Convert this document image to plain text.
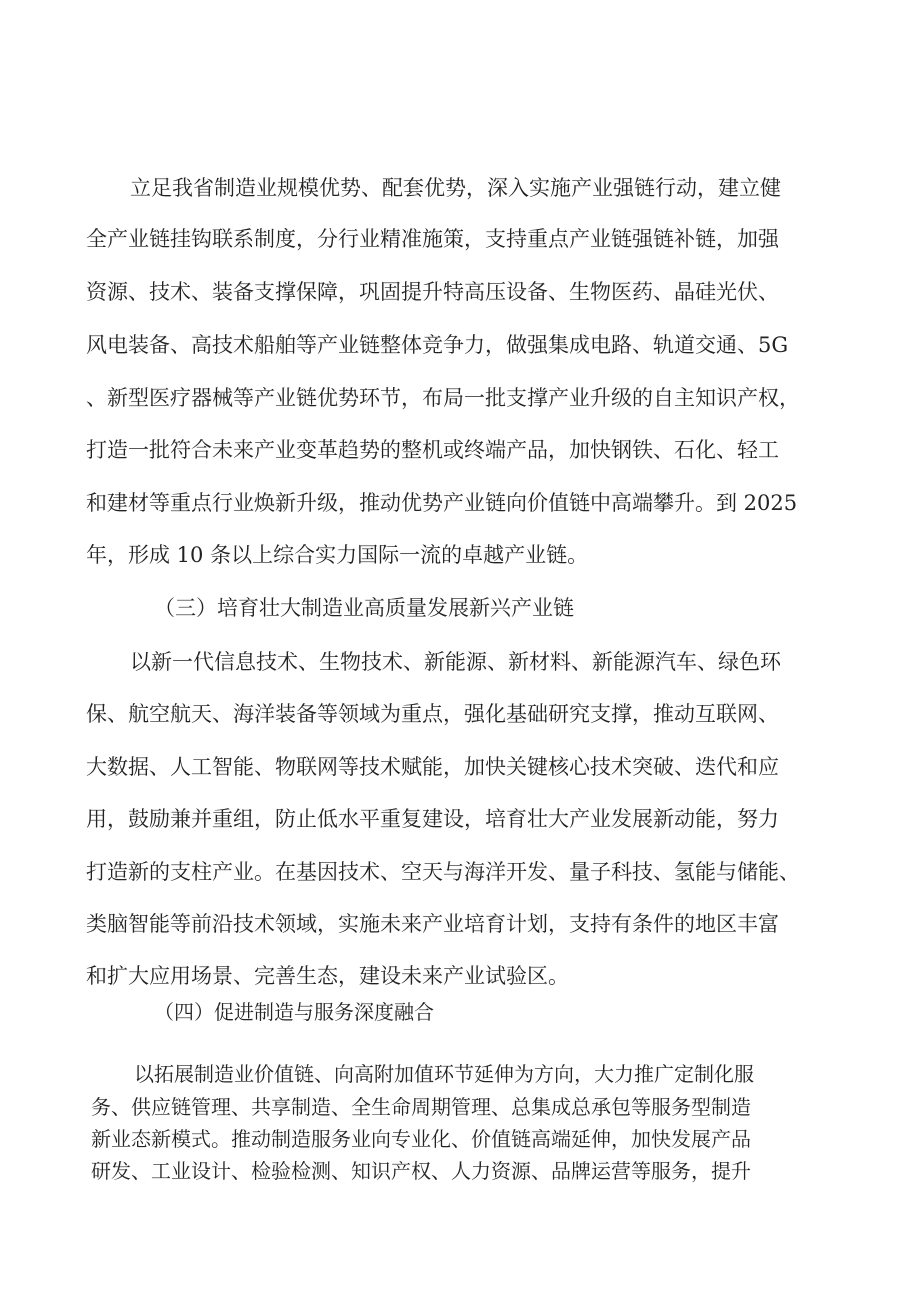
立足我省制造业规模优势、配套优势，深入实施产业强链行动，建立健
全产业链挂钩联系制度，分行业精准施策，支持重点产业链强链补链，加强
资源、技术、装备支撑保障，巩固提升特高压设备、生物医药、晶硅光伏、
风电装备、高技术船舶等产业链整体竞争力，做强集成电路、轨道交通、5G
、新型医疗器械等产业链优势环节，布局一批支撑产业升级的自主知识产权，
打造一批符合未来产业变革趋势的整机或终端产品，加快钢铁、石化、轻工
和建材等重点行业焕新升级，推动优势产业链向价值链中高端攀升。到 2025
年，形成 10 条以上综合实力国际一流的卓越产业链。
（三）培育壮大制造业高质量发展新兴产业链
以新一代信息技术、生物技术、新能源、新材料、新能源汽车、绿色环
保、航空航天、海洋装备等领域为重点，强化基础研究支撑，推动互联网、
大数据、人工智能、物联网等技术赋能，加快关键核心技术突破、迭代和应
用，鼓励兼并重组，防止低水平重复建设，培育壮大产业发展新动能，努力
打造新的支柱产业。在基因技术、空天与海洋开发、量子科技、氢能与储能、
类脑智能等前沿技术领域，实施未来产业培育计划，支持有条件的地区丰富
和扩大应用场景、完善生态，建设未来产业试验区。
（四）促进制造与服务深度融合
以拓展制造业价值链、向高附加值环节延伸为方向，大力推广定制化服
务、供应链管理、共享制造、全生命周期管理、总集成总承包等服务型制造
新业态新模式。推动制造服务业向专业化、价值链高端延伸，加快发展产品
研发、工业设计、检验检测、知识产权、人力资源、品牌运营等服务，提升
